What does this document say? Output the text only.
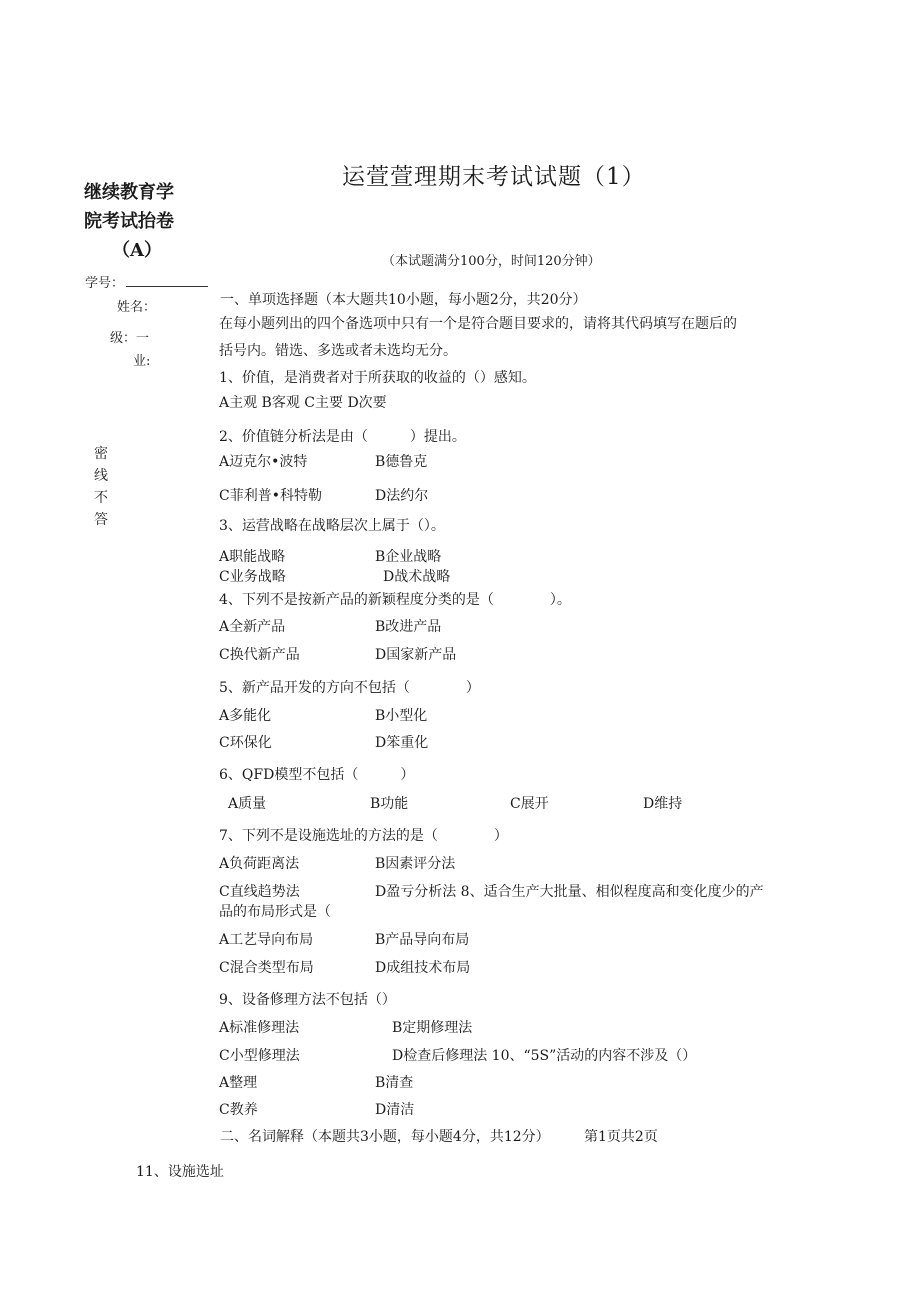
运萱萱理期末考试试题（1）
继续教育学
院考试抬卷
（A）
学号：
姓名：
级：一
业:
密
线
不
答
（本试题满分100分，时间120分钟）
一、单项选择题（本大题共10小题，每小题2分，共20分）
在每小题列出的四个备选项中只有一个是符合题目要求的，请将其代码填写在题后的
括号内。错选、多选或者未选均无分。
1、价值，是消费者对于所获取的收益的（）感知。
A主观 B客观 C主要 D次要
2、价值链分析法是由（　　　）提出。
A迈克尔•波特	B德鲁克
C菲利普•科特勒	D法约尔
3、运营战略在战略层次上属于（）。
A职能战略	B企业战略
C业务战略	D战术战略
4、下列不是按新产品的新颖程度分类的是（　　　　）。
A全新产品	B改进产品
C换代新产品	D国家新产品
5、新产品开发的方向不包括（　　　　）
A多能化	B小型化
C环保化	D笨重化
6、QFD模型不包括（　　　）
A质量	B功能	C展开	D维持
7、下列不是设施选址的方法的是（　　　　）
A负荷距离法	B因素评分法
C直线趋势法	D盈亏分析法 8、适合生产大批量、相似程度高和变化度少的产
品的布局形式是（
A工艺导向布局	B产品导向布局
C混合类型布局	D成组技术布局
9、设备修理方法不包括（）
A标准修理法	B定期修理法
C小型修理法	D检查后修理法 10、“5S”活动的内容不涉及（）
A整理	B清查
C教养	D清洁
二、名词解释（本题共3小题，每小题4分，共12分） 第1页共2页
11、设施选址
